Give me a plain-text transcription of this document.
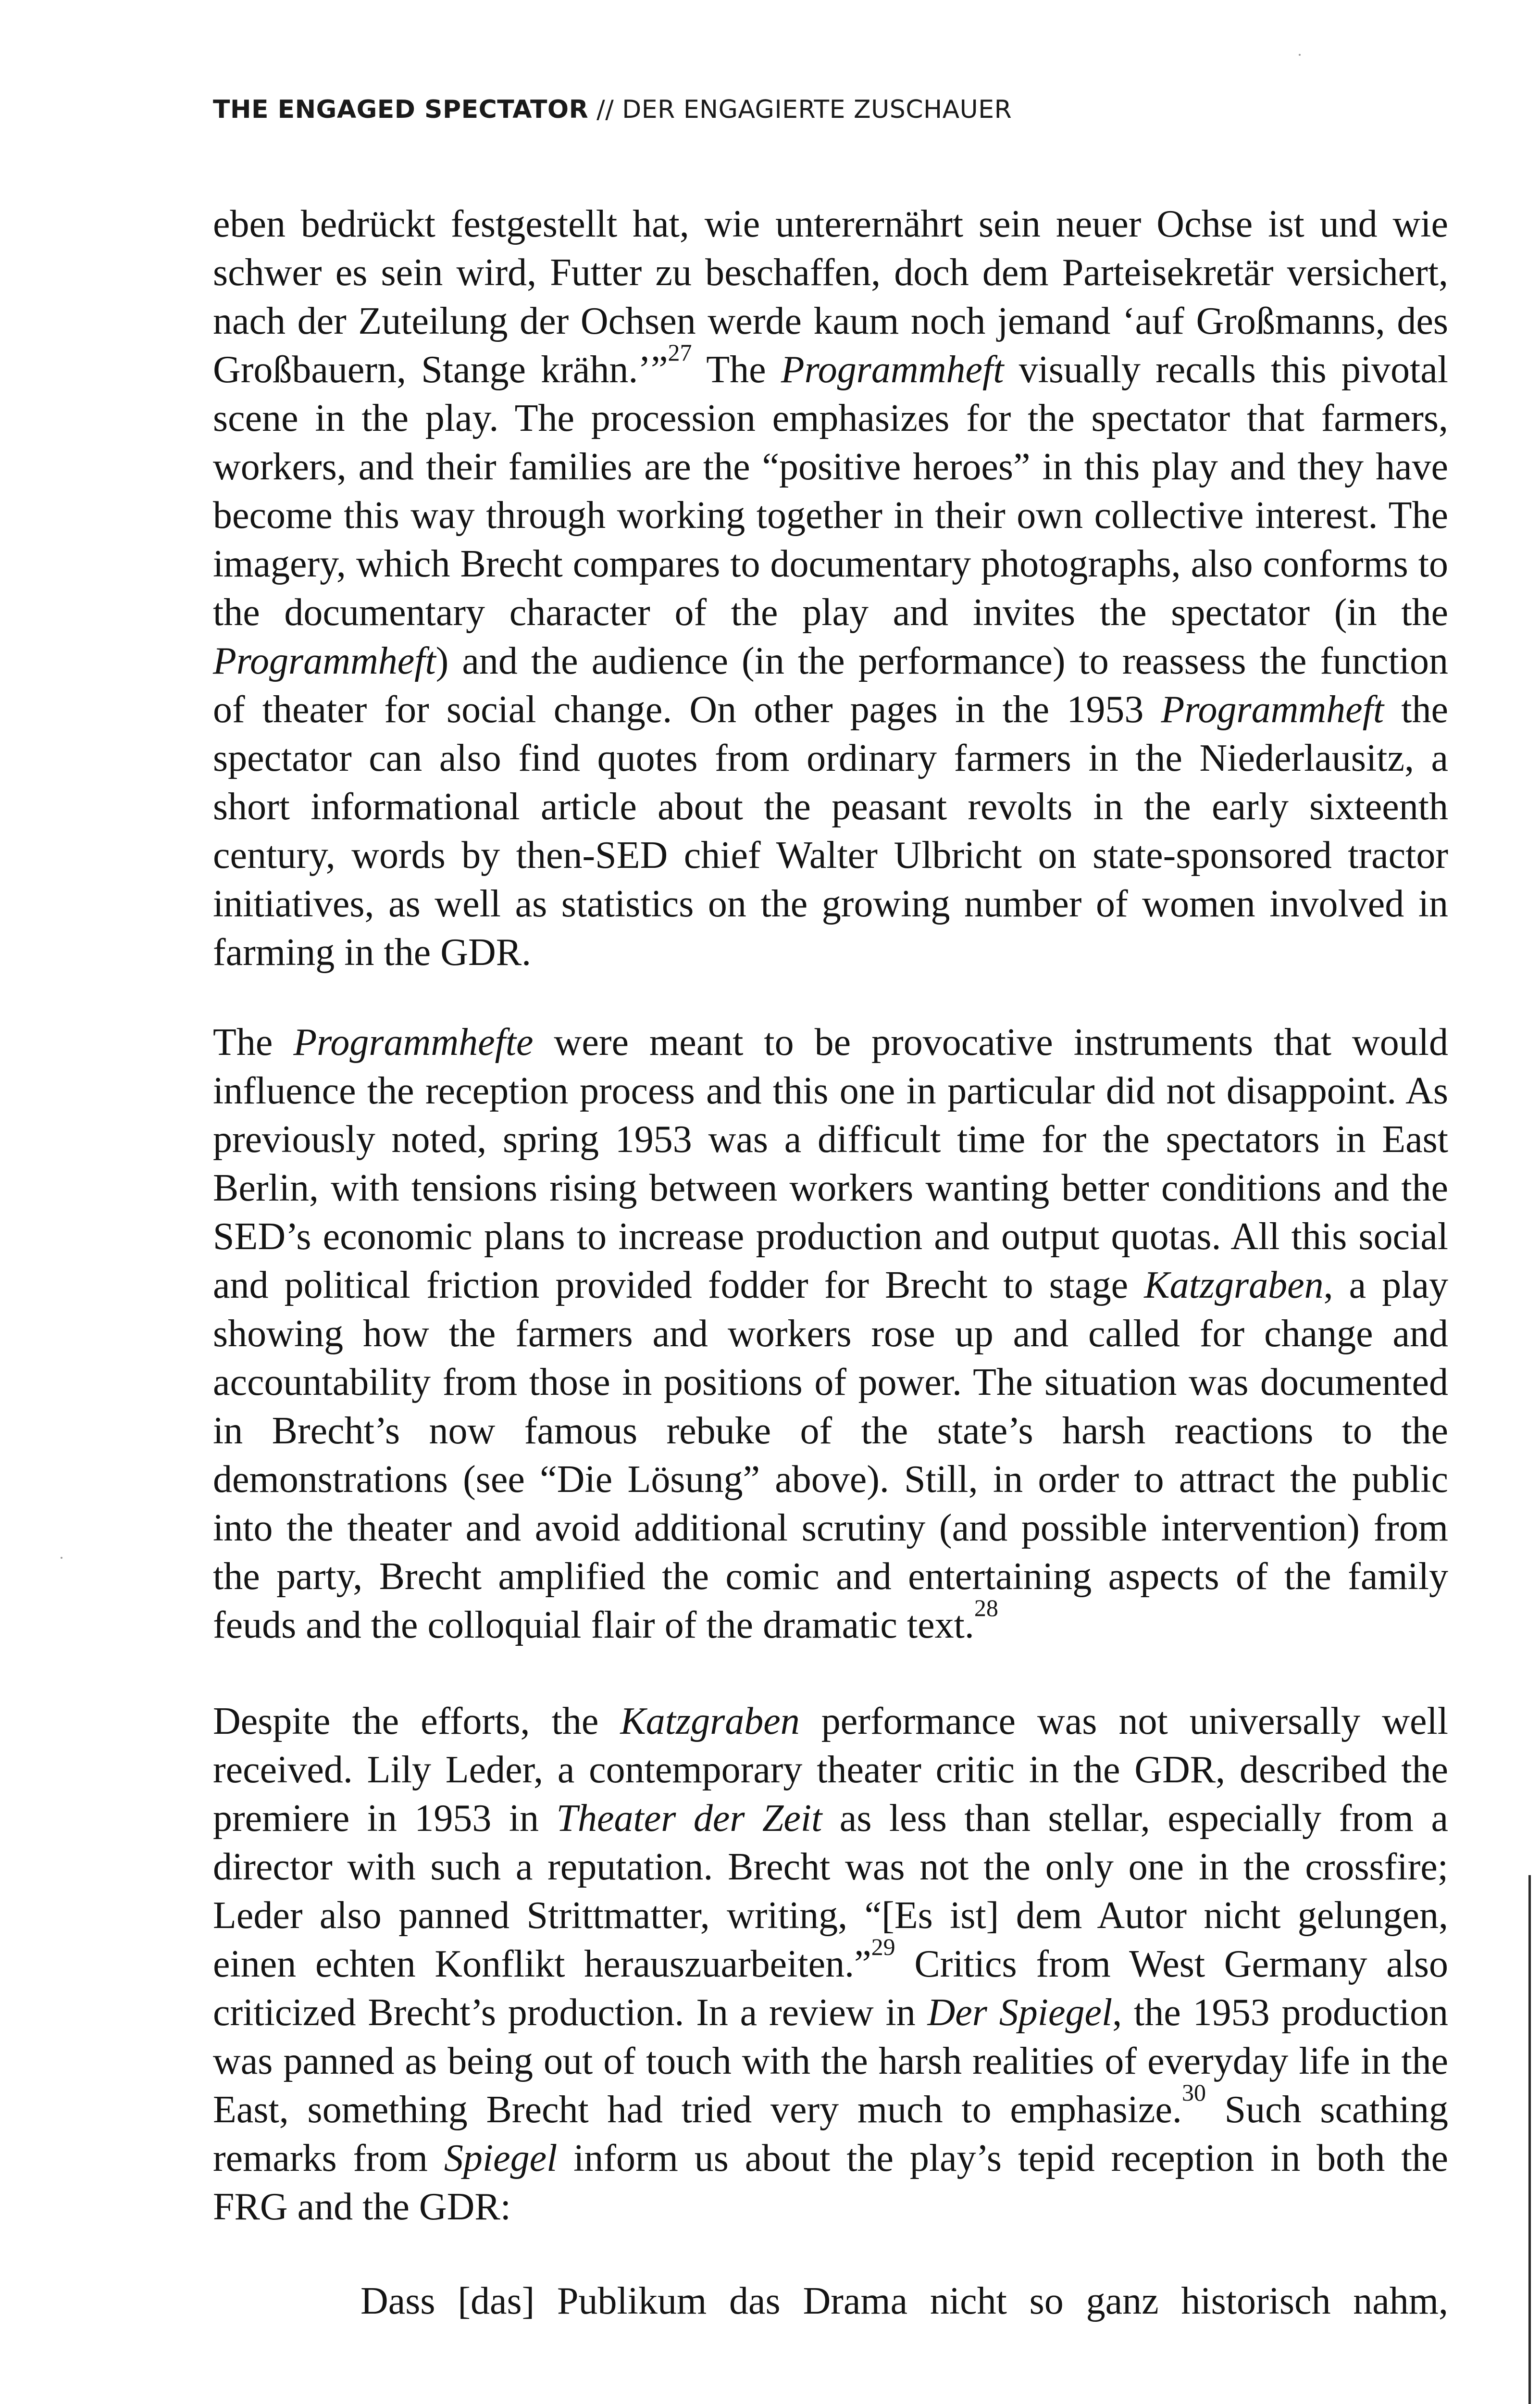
THE ENGAGED SPECTATOR // DER ENGAGIERTE ZUSCHAUER
eben bedrückt festgestellt hat, wie unterernährt sein neuer Ochse ist und wie schwer es sein wird, Futter zu beschaffen, doch dem Parteisekretär versichert, nach der Zuteilung der Ochsen werde kaum noch jemand ‘auf Großmanns, des Großbauern, Stange krähn.’”$^{27}$ The Programmheft visually recalls this pivotal scene in the play. The procession emphasizes for the spectator that farmers, workers, and their families are the “positive heroes” in this play and they have become this way through working together in their own collective interest. The imagery, which Brecht compares to documentary photographs, also conforms to the documentary character of the play and invites the spectator (in the Programmheft) and the audience (in the performance) to reassess the function of theater for social change. On other pages in the 1953 Programmheft the spectator can also find quotes from ordinary farmers in the Niederlausitz, a short informational article about the peasant revolts in the early sixteenth century, words by then-SED chief Walter Ulbricht on state-sponsored tractor initiatives, as well as statistics on the growing number of women involved in farming in the GDR.
The Programmhefte were meant to be provocative instruments that would influence the reception process and this one in particular did not disappoint. As previously noted, spring 1953 was a difficult time for the spectators in East Berlin, with tensions rising between workers wanting better conditions and the SED’s economic plans to increase production and output quotas. All this social and political friction provided fodder for Brecht to stage Katzgraben, a play showing how the farmers and workers rose up and called for change and accountability from those in positions of power. The situation was documented in Brecht’s now famous rebuke of the state’s harsh reactions to the demonstrations (see “Die Lösung” above). Still, in order to attract the public into the theater and avoid additional scrutiny (and possible intervention) from the party, Brecht amplified the comic and entertaining aspects of the family feuds and the colloquial flair of the dramatic text.$^{28}$
Despite the efforts, the Katzgraben performance was not universally well received. Lily Leder, a contemporary theater critic in the GDR, described the premiere in 1953 in Theater der Zeit as less than stellar, especially from a director with such a reputation. Brecht was not the only one in the crossfire; Leder also panned Strittmatter, writing, “[Es ist] dem Autor nicht gelungen, einen echten Konflikt herauszuarbeiten.”$^{29}$ Critics from West Germany also criticized Brecht’s production. In a review in Der Spiegel, the 1953 production was panned as being out of touch with the harsh realities of everyday life in the East, something Brecht had tried very much to emphasize.$^{30}$ Such scathing remarks from Spiegel inform us about the play’s tepid reception in both the FRG and the GDR:
Dass [das] Publikum das Drama nicht so ganz historisch nahm,
